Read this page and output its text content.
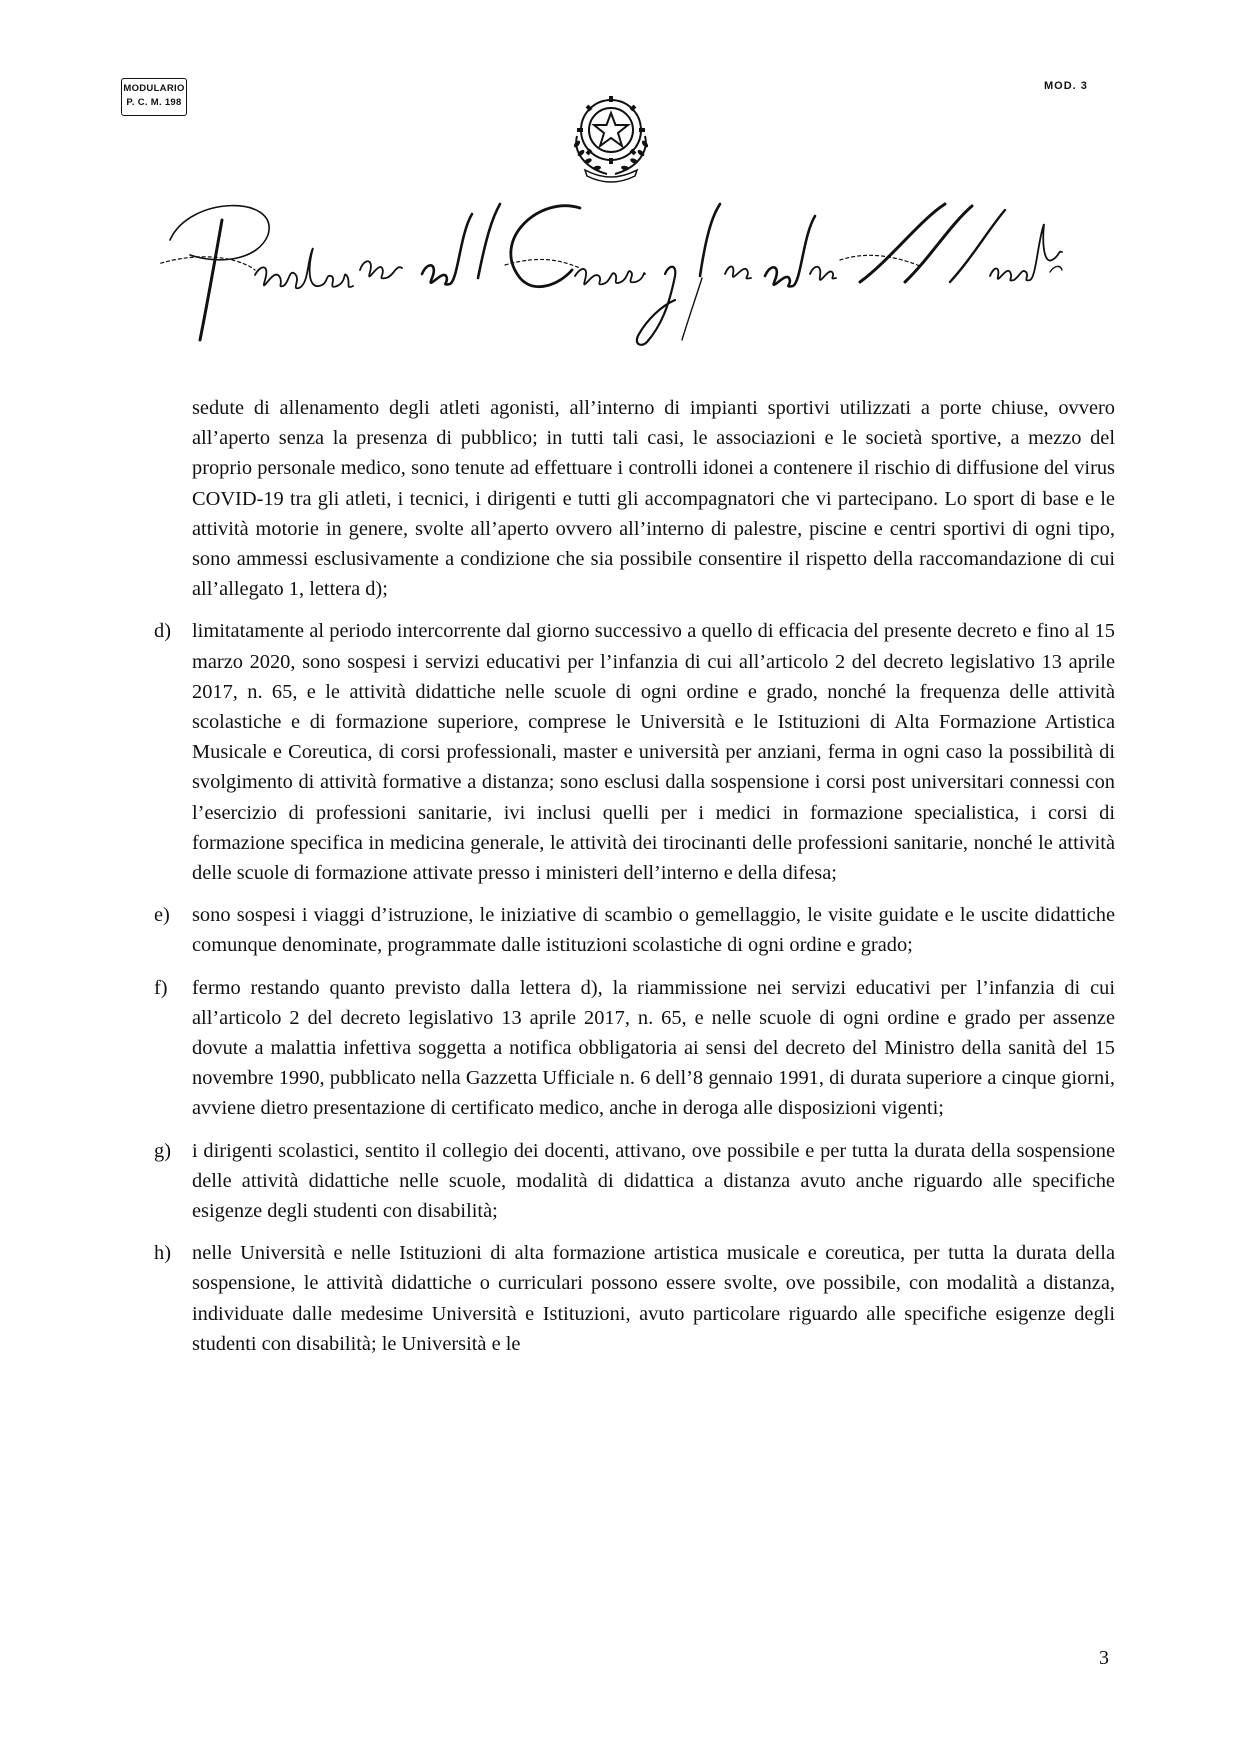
MODULARIO
P. C. M. 198
MOD. 3

sedute di allenamento degli atleti agonisti, all’interno di impianti sportivi utilizzati a porte chiuse, ovvero all’aperto senza la presenza di pubblico; in tutti tali casi, le associazioni e le società sportive, a mezzo del proprio personale medico, sono tenute ad effettuare i controlli idonei a contenere il rischio di diffusione del virus COVID-19 tra gli atleti, i tecnici, i dirigenti e tutti gli accompagnatori che vi partecipano. Lo sport di base e le attività motorie in genere, svolte all’aperto ovvero all’interno di palestre, piscine e centri sportivi di ogni tipo, sono ammessi esclusivamente a condizione che sia possibile consentire il rispetto della raccomandazione di cui all’allegato 1, lettera d);

d)	limitatamente al periodo intercorrente dal giorno successivo a quello di efficacia del presente decreto e fino al 15 marzo 2020, sono sospesi i servizi educativi per l’infanzia di cui all’articolo 2 del decreto legislativo 13 aprile 2017, n. 65, e le attività didattiche nelle scuole di ogni ordine e grado, nonché la frequenza delle attività scolastiche e di formazione superiore, comprese le Università e le Istituzioni di Alta Formazione Artistica Musicale e Coreutica, di corsi professionali, master e università per anziani, ferma in ogni caso la possibilità di svolgimento di attività formative a distanza; sono esclusi dalla sospensione i corsi post universitari connessi con l’esercizio di professioni sanitarie, ivi inclusi quelli per i medici in formazione specialistica, i corsi di formazione specifica in medicina generale, le attività dei tirocinanti delle professioni sanitarie, nonché le attività delle scuole di formazione attivate presso i ministeri dell’interno e della difesa;
e)	sono sospesi i viaggi d’istruzione, le iniziative di scambio o gemellaggio, le visite guidate e le uscite didattiche comunque denominate, programmate dalle istituzioni scolastiche di ogni ordine e grado;
f)	fermo restando quanto previsto dalla lettera d), la riammissione nei servizi educativi per l’infanzia di cui all’articolo 2 del decreto legislativo 13 aprile 2017, n. 65, e nelle scuole di ogni ordine e grado per assenze dovute a malattia infettiva soggetta a notifica obbligatoria ai sensi del decreto del Ministro della sanità del 15 novembre 1990, pubblicato nella Gazzetta Ufficiale n. 6 dell’8 gennaio 1991, di durata superiore a cinque giorni, avviene dietro presentazione di certificato medico, anche in deroga alle disposizioni vigenti;
g)	i dirigenti scolastici, sentito il collegio dei docenti, attivano, ove possibile e per tutta la durata della sospensione delle attività didattiche nelle scuole, modalità di didattica a distanza avuto anche riguardo alle specifiche esigenze degli studenti con disabilità;
h)	nelle Università e nelle Istituzioni di alta formazione artistica musicale e coreutica, per tutta la durata della sospensione, le attività didattiche o curriculari possono essere svolte, ove possibile, con modalità a distanza, individuate dalle medesime Università e Istituzioni, avuto particolare riguardo alle specifiche esigenze degli studenti con disabilità; le Università e le
3
